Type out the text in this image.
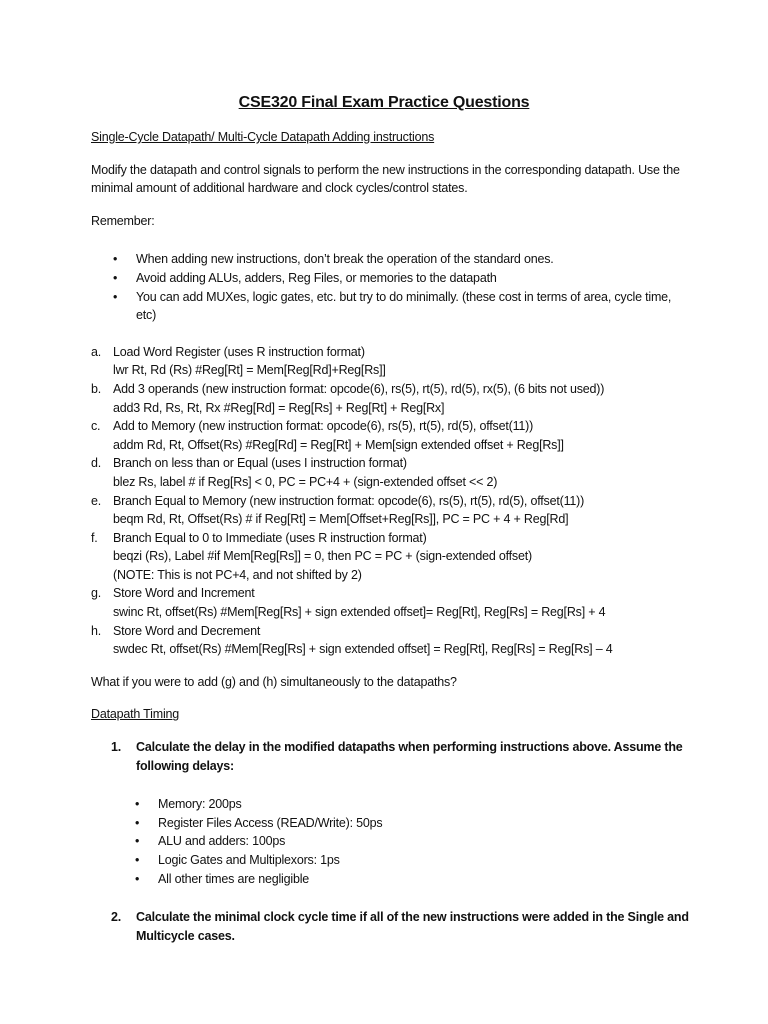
CSE320 Final Exam Practice Questions

Single-Cycle Datapath/ Multi-Cycle Datapath Adding instructions

Modify the datapath and control signals to perform the new instructions in the corresponding datapath. Use the minimal amount of additional hardware and clock cycles/control states.

Remember:

• When adding new instructions, don’t break the operation of the standard ones.
• Avoid adding ALUs, adders, Reg Files, or memories to the datapath
• You can add MUXes, logic gates, etc. but try to do minimally. (these cost in terms of area, cycle time, etc)
a. Load Word Register (uses R instruction format)
lwr Rt, Rd (Rs) #Reg[Rt] = Mem[Reg[Rd]+Reg[Rs]]
b. Add 3 operands (new instruction format: opcode(6), rs(5), rt(5), rd(5), rx(5), (6 bits not used))
add3 Rd, Rs, Rt, Rx #Reg[Rd] = Reg[Rs] + Reg[Rt] + Reg[Rx]
c. Add to Memory (new instruction format: opcode(6), rs(5), rt(5), rd(5), offset(11))
addm Rd, Rt, Offset(Rs) #Reg[Rd] = Reg[Rt] + Mem[sign extended offset + Reg[Rs]]
d. Branch on less than or Equal (uses I instruction format)
blez Rs, label # if Reg[Rs] < 0, PC = PC+4 + (sign-extended offset << 2)
e. Branch Equal to Memory (new instruction format: opcode(6), rs(5), rt(5), rd(5), offset(11))
beqm Rd, Rt, Offset(Rs) # if Reg[Rt] = Mem[Offset+Reg[Rs]], PC = PC + 4 + Reg[Rd]
f. Branch Equal to 0 to Immediate (uses R instruction format)
beqzi (Rs), Label #if Mem[Reg[Rs]] = 0, then PC = PC + (sign-extended offset)
(NOTE: This is not PC+4, and not shifted by 2)
g. Store Word and Increment
swinc Rt, offset(Rs) #Mem[Reg[Rs] + sign extended offset]= Reg[Rt], Reg[Rs] = Reg[Rs] + 4
h. Store Word and Decrement
swdec Rt, offset(Rs) #Mem[Reg[Rs] + sign extended offset] = Reg[Rt], Reg[Rs] = Reg[Rs] – 4

What if you were to add (g) and (h) simultaneously to the datapaths?

Datapath Timing

1. Calculate the delay in the modified datapaths when performing instructions above. Assume the following delays:
• Memory: 200ps
• Register Files Access (READ/Write): 50ps
• ALU and adders: 100ps
• Logic Gates and Multiplexors: 1ps
• All other times are negligible
2. Calculate the minimal clock cycle time if all of the new instructions were added in the Single and Multicycle cases.
